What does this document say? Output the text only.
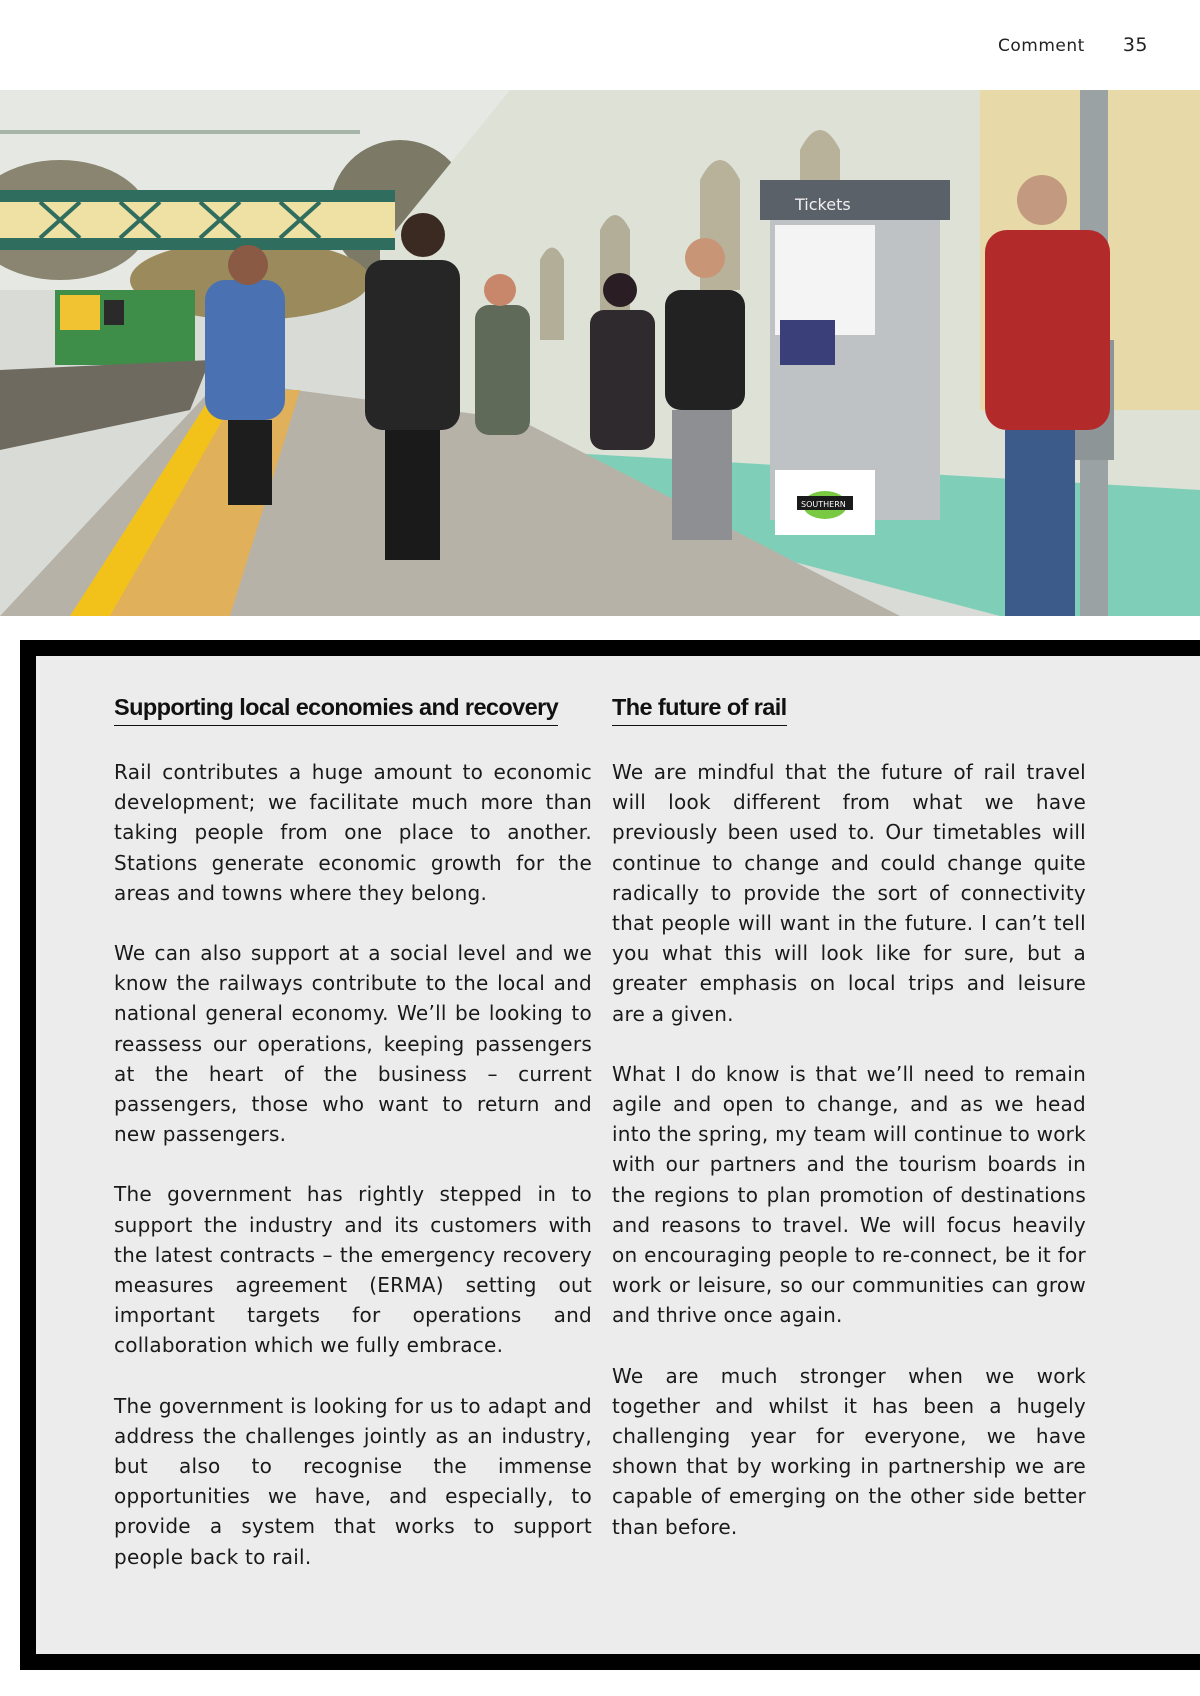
Comment 35
Tickets
SOUTHERN
Supporting local economies and recovery

Rail contributes a huge amount to economic development; we facilitate much more than taking people from one place to another. Stations generate economic growth for the areas and towns where they belong.

We can also support at a social level and we know the railways contribute to the local and national general economy. We’ll be looking to reassess our operations, keeping passengers at the heart of the business – current passengers, those who want to return and new passengers.

The government has rightly stepped in to support the industry and its customers with the latest contracts – the emergency recovery measures agreement (ERMA) setting out important targets for operations and collaboration which we fully embrace.

The government is looking for us to adapt and address the challenges jointly as an industry, but also to recognise the immense opportunities we have, and especially, to provide a system that works to support people back to rail.

The future of rail

We are mindful that the future of rail travel will look different from what we have previously been used to. Our timetables will continue to change and could change quite radically to provide the sort of connectivity that people will want in the future. I can’t tell you what this will look like for sure, but a greater emphasis on local trips and leisure are a given.

What I do know is that we’ll need to remain agile and open to change, and as we head into the spring, my team will continue to work with our partners and the tourism boards in the regions to plan promotion of destinations and reasons to travel. We will focus heavily on encouraging people to re-connect, be it for work or leisure, so our communities can grow and thrive once again.

We are much stronger when we work together and whilst it has been a hugely challenging year for everyone, we have shown that by working in partnership we are capable of emerging on the other side better than before.
